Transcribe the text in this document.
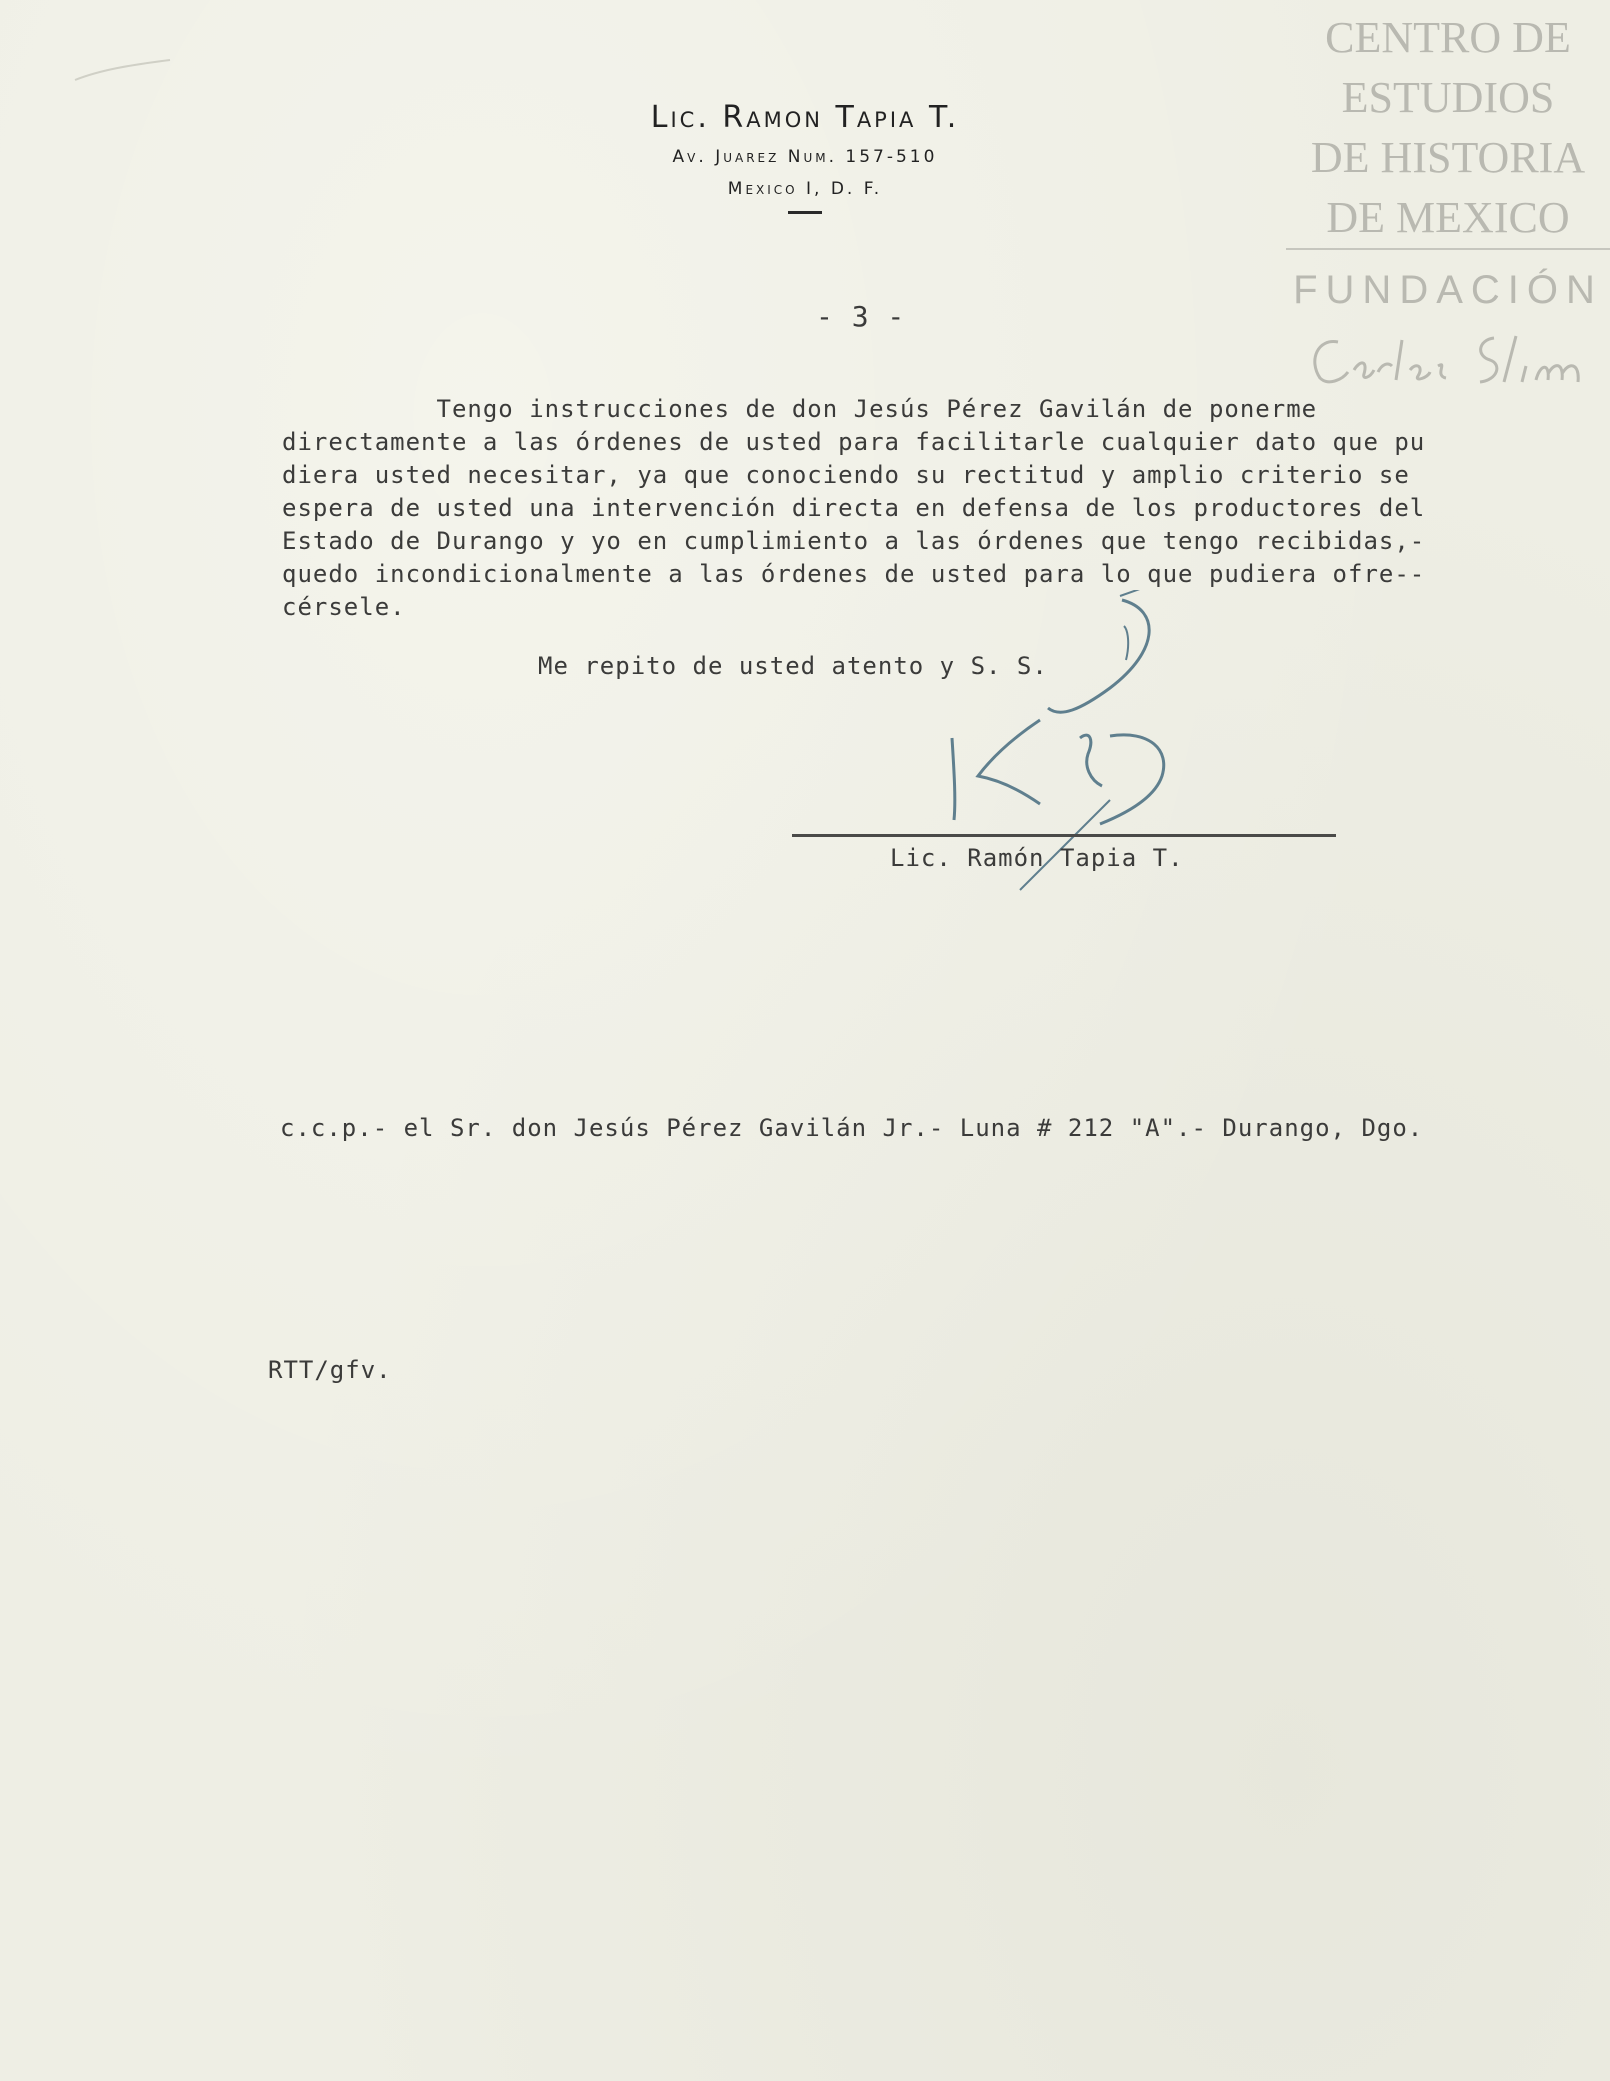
Lic. Ramon Tapia T.
Av. Juarez Num. 157-510
Mexico I, D. F.
CENTRO DE
ESTUDIOS
DE HISTORIA
DE MEXICO
FUNDACIÓN
- 3 -
Tengo instrucciones de don Jesús Pérez Gavilán de ponerme
directamente a las órdenes de usted para facilitarle cualquier dato que pu
diera usted necesitar, ya que conociendo su rectitud y amplio criterio se
espera de usted una intervención directa en defensa de los productores del
Estado de Durango y yo en cumplimiento a las órdenes que tengo recibidas,-
quedo incondicionalmente a las órdenes de usted para lo que pudiera ofre--
cérsele.
Me repito de usted atento y S. S.
Lic. Ramón Tapia T.
c.c.p.- el Sr. don Jesús Pérez Gavilán Jr.- Luna # 212 "A".- Durango, Dgo.
RTT/gfv.
